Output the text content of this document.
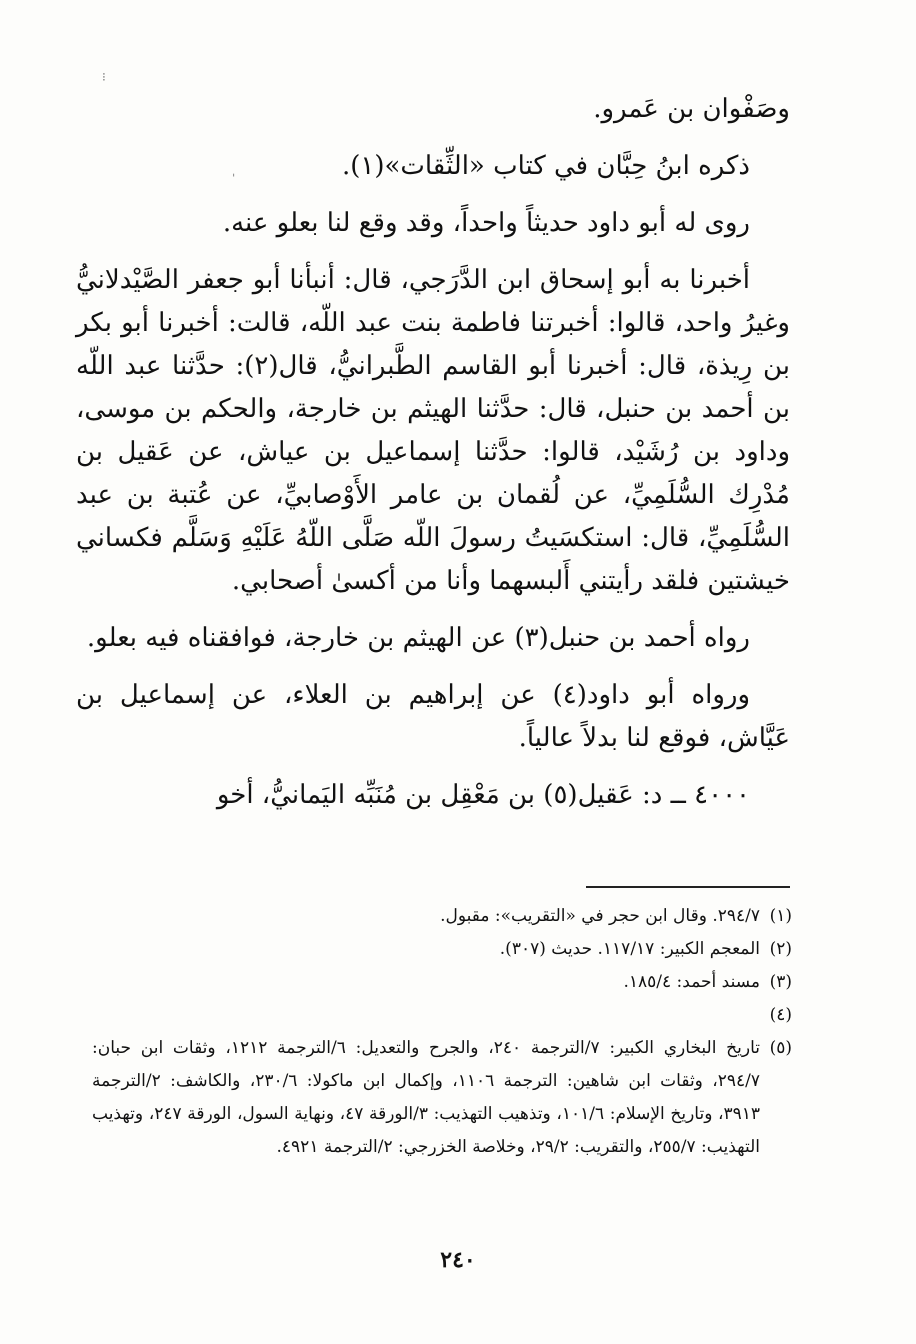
⁝
ˈ

وصَفْوان بن عَمرو.

ذكره ابنُ حِبَّان في كتاب «الثِّقات»(١).

روى له أبو داود حديثاً واحداً، وقد وقع لنا بعلو عنه.

أخبرنا به أبو إسحاق ابن الدَّرَجي، قال: أنبأنا أبو جعفر الصَّيْدلانيُّ وغيرُ واحد، قالوا: أخبرتنا فاطمة بنت عبد اللّه، قالت: أخبرنا أبو بكر بن رِيذة، قال: أخبرنا أبو القاسم الطَّبرانيُّ، قال(٢): حدَّثنا عبد اللّه بن أحمد بن حنبل، قال: حدَّثنا الهيثم بن خارجة، والحكم بن موسى، وداود بن رُشَيْد، قالوا: حدَّثنا إسماعيل بن عياش، عن عَقيل بن مُدْرِك السُّلَمِيِّ، عن لُقمان بن عامر الأَوْصابيِّ، عن عُتبة بن عبد السُّلَمِيِّ، قال: استكسَيتُ رسولَ اللّه صَلَّى اللّهُ عَلَيْهِ وَسَلَّم فكساني خيشتين فلقد رأيتني أَلبسهما وأنا من أكسىٰ أصحابي.

رواه أحمد بن حنبل(٣) عن الهيثم بن خارجة، فوافقناه فيه بعلو.

ورواه أبو داود(٤) عن إبراهيم بن العلاء، عن إسماعيل بن عَيَّاش، فوقع لنا بدلاً عالياً.

٤٠٠٠ ــ د: عَقيل(٥) بن مَعْقِل بن مُنَبِّه اليَمانيُّ، أخو

(١)
٢٩٤/٧. وقال ابن حجر في «التقريب»: مقبول.
(٢)
المعجم الكبير: ١١٧/١٧. حديث (٣٠٧).
(٣)
مسند أحمد: ١٨٥/٤.
(٤)
(٥)
تاريخ البخاري الكبير: ٧/الترجمة ٢٤٠، والجرح والتعديل: ٦/الترجمة ١٢١٢، وثقات ابن حبان: ٢٩٤/٧، وثقات ابن شاهين: الترجمة ١١٠٦، وإكمال ابن ماكولا: ٢٣٠/٦، والكاشف: ٢/الترجمة ٣٩١٣، وتاريخ الإسلام: ١٠١/٦، وتذهيب التهذيب: ٣/الورقة ٤٧، ونهاية السول، الورقة ٢٤٧، وتهذيب التهذيب: ٢٥٥/٧، والتقريب: ٢٩/٢، وخلاصة الخزرجي: ٢/الترجمة ٤٩٢١.
٢٤٠
